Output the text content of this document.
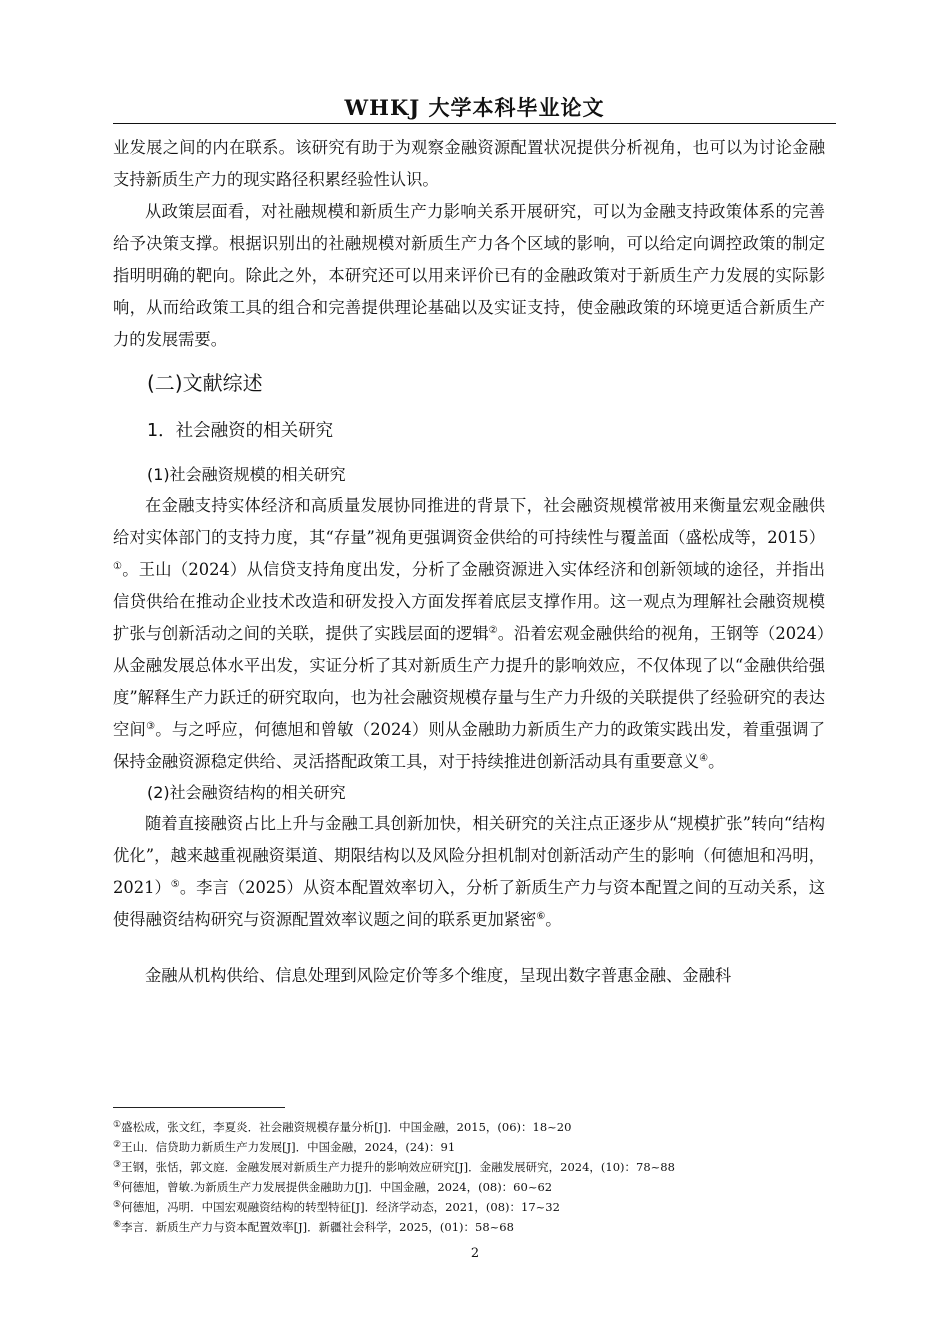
WHKJ 大学本科毕业论文

业发展之间的内在联系。该研究有助于为观察金融资源配置状况提供分析视角，也可以为讨论金融支持新质生产力的现实路径积累经验性认识。

从政策层面看，对社融规模和新质生产力影响关系开展研究，可以为金融支持政策体系的完善给予决策支撑。根据识别出的社融规模对新质生产力各个区域的影响，可以给定向调控政策的制定指明明确的靶向。除此之外，本研究还可以用来评价已有的金融政策对于新质生产力发展的实际影响，从而给政策工具的组合和完善提供理论基础以及实证支持，使金融政策的环境更适合新质生产力的发展需要。

(二)文献综述
1．社会融资的相关研究
(1)社会融资规模的相关研究

在金融支持实体经济和高质量发展协同推进的背景下，社会融资规模常被用来衡量宏观金融供给对实体部门的支持力度，其“存量”视角更强调资金供给的可持续性与覆盖面（盛松成等，2015）①。王山（2024）从信贷支持角度出发，分析了金融资源进入实体经济和创新领域的途径，并指出信贷供给在推动企业技术改造和研发投入方面发挥着底层支撑作用。这一观点为理解社会融资规模扩张与创新活动之间的关联，提供了实践层面的逻辑②。沿着宏观金融供给的视角，王钢等（2024）从金融发展总体水平出发，实证分析了其对新质生产力提升的影响效应，不仅体现了以“金融供给强度”解释生产力跃迁的研究取向，也为社会融资规模存量与生产力升级的关联提供了经验研究的表达空间③。与之呼应，何德旭和曾敏（2024）则从金融助力新质生产力的政策实践出发，着重强调了保持金融资源稳定供给、灵活搭配政策工具，对于持续推进创新活动具有重要意义④。

(2)社会融资结构的相关研究

随着直接融资占比上升与金融工具创新加快，相关研究的关注点正逐步从“规模扩张”转向“结构优化”，越来越重视融资渠道、期限结构以及风险分担机制对创新活动产生的影响（何德旭和冯明，2021）⑤。李言（2025）从资本配置效率切入，分析了新质生产力与资本配置之间的互动关系，这使得融资结构研究与资源配置效率议题之间的联系更加紧密⑥。

金融从机构供给、信息处理到风险定价等多个维度，呈现出数字普惠金融、金融科

①盛松成，张文红，李夏炎．社会融资规模存量分析[J]．中国金融，2015，(06)：18~20

②王山．信贷助力新质生产力发展[J]．中国金融，2024，(24)：91

③王钢，张恬，郭文庭．金融发展对新质生产力提升的影响效应研究[J]．金融发展研究，2024，(10)：78~88

④何德旭，曾敏.为新质生产力发展提供金融助力[J]．中国金融，2024，(08)：60~62

⑤何德旭，冯明．中国宏观融资结构的转型特征[J]．经济学动态，2021，(08)：17~32

⑥李言．新质生产力与资本配置效率[J]．新疆社会科学，2025，(01)：58~68

2
